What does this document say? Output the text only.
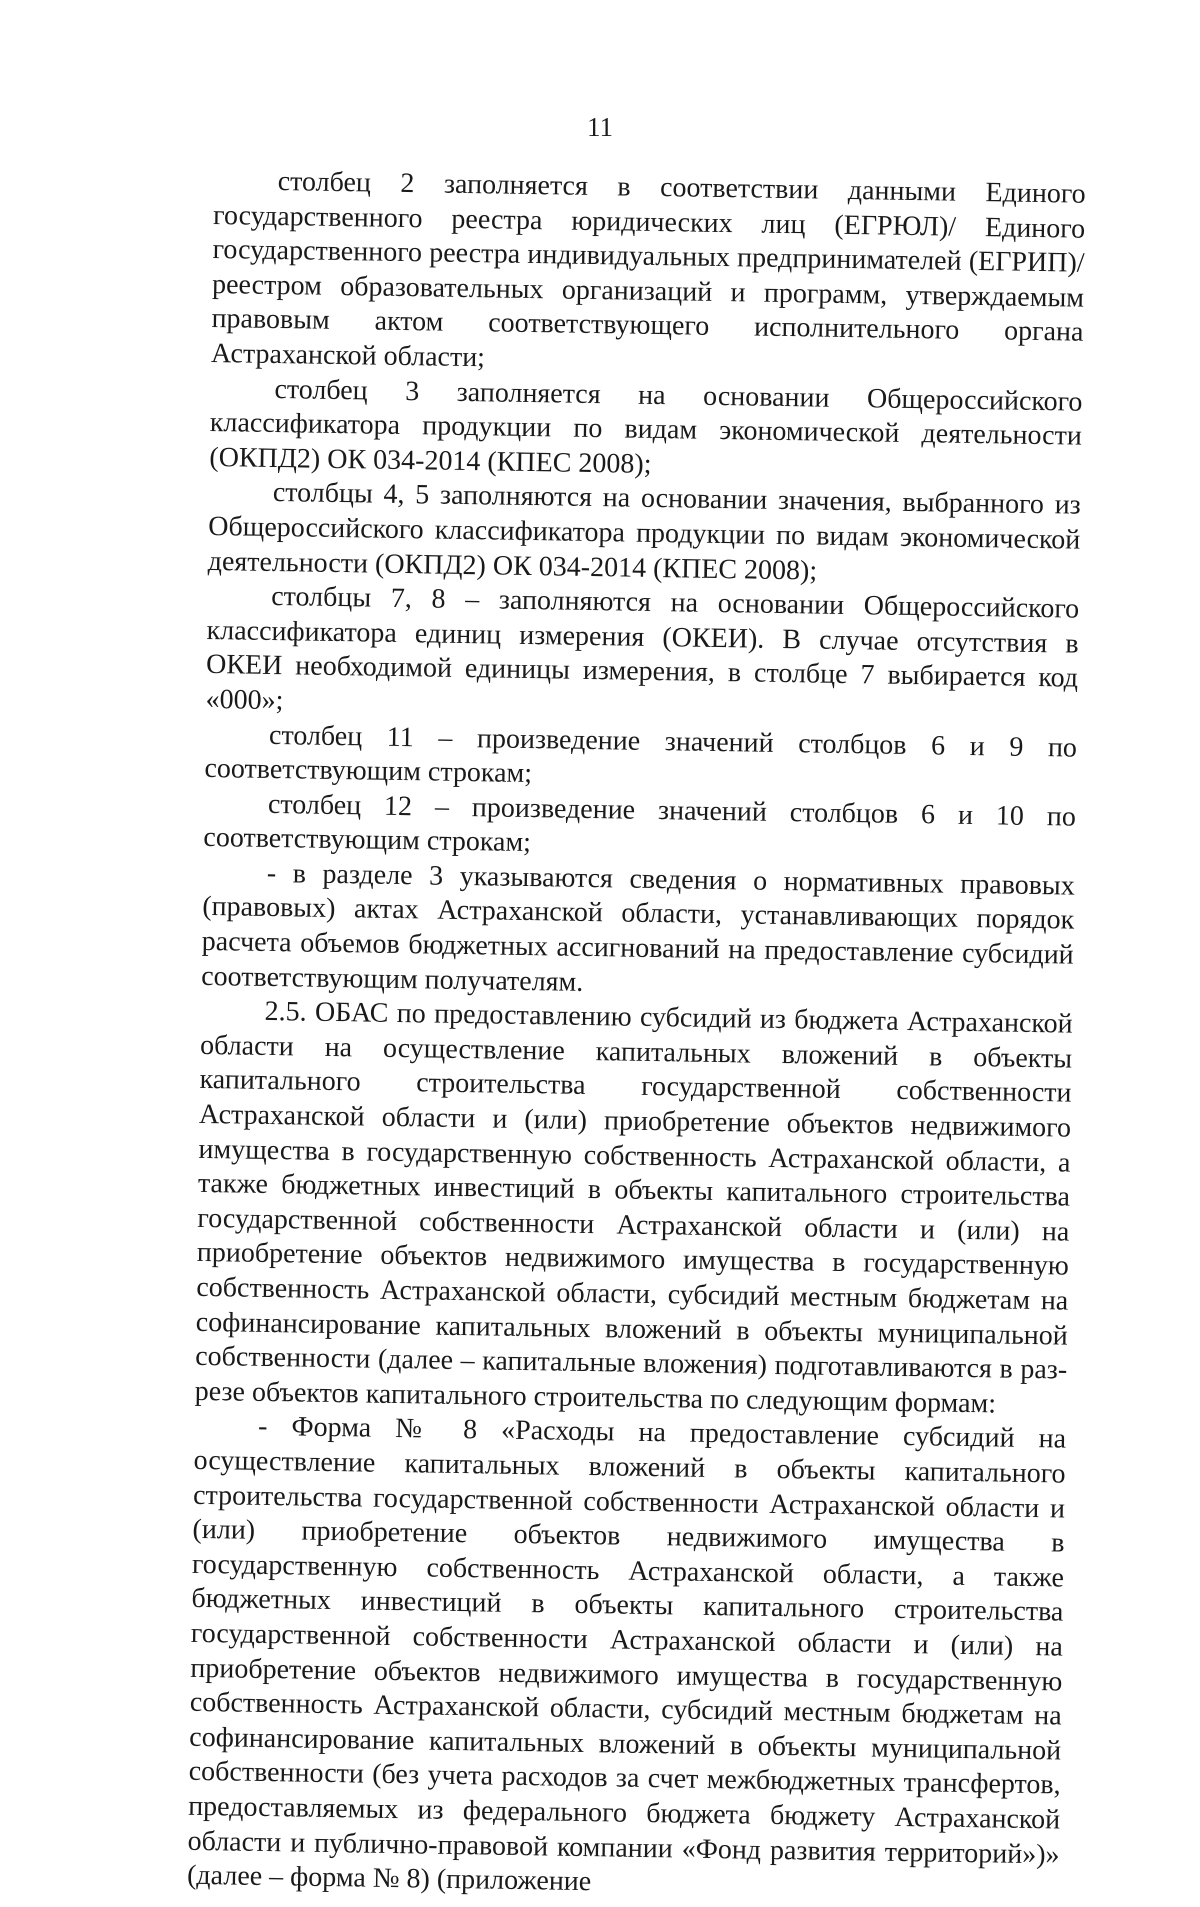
11

столбец 2 заполняется в соответствии данными Единого государственного реестра юридических лиц (ЕГРЮЛ)/ Единого государственного реестра индивидуальных предпринимателей (ЕГРИП)/ реестром образовательных организаций и программ, утверждаемым правовым актом соответствующего исполнительного органа Астраханской области;

столбец 3 заполняется на основании Общероссийского классификатора продукции по видам экономической деятельности (ОКПД2) ОК 034-2014 (КПЕС 2008);

столбцы 4, 5 заполняются на основании значения, выбранного из Общероссийского классификатора продукции по видам экономической деятельности (ОКПД2) ОК 034-2014 (КПЕС 2008);

столбцы 7, 8 – заполняются на основании Общероссийского классификатора единиц измерения (ОКЕИ). В случае отсутствия в ОКЕИ необходимой единицы измерения, в столбце 7 выбирается код «000»;

столбец 11 – произведение значений столбцов 6 и 9 по соответствующим строкам;

столбец 12 – произведение значений столбцов 6 и 10 по соответствующим строкам;

- в разделе 3 указываются сведения о нормативных правовых (правовых) актах Астраханской области, устанавливающих порядок расчета объемов бюджетных ассигнований на предоставление субсидий соответствующим получателям.

2.5. ОБАС по предоставлению субсидий из бюджета Астраханской области на осуществление капитальных вложений в объекты капитального строительства государственной собственности Астраханской области и (или) приобретение объектов недвижимого имущества в государственную собственность Астраханской области, а также бюджетных инвестиций в объекты капитального строительства государственной собственности Астраханской области и (или) на приобретение объектов недвижимого имущества в государственную собственность Астраханской области, субсидий местным бюджетам на софинансирование капитальных вложений в объекты муниципальной собственности (далее – капитальные вложения) подготавливаются в разрезе объектов капитального строительства по следующим формам:

- Форма № 8 «Расходы на предоставление субсидий на осуществление капитальных вложений в объекты капитального строительства государственной собственности Астраханской области и (или) приобретение объектов недвижимого имущества в государственную собственность Астраханской области, а также бюджетных инвестиций в объекты капитального строительства государственной собственности Астраханской области и (или) на приобретение объектов недвижимого имущества в государственную собственность Астраханской области, субсидий местным бюджетам на софинансирование капитальных вложений в объекты муниципальной собственности (без учета расходов за счет межбюджетных трансфертов, предоставляемых из федерального бюджета бюджету Астраханской области и публично-правовой компании «Фонд развития территорий»)» (далее – форма № 8) (приложение
